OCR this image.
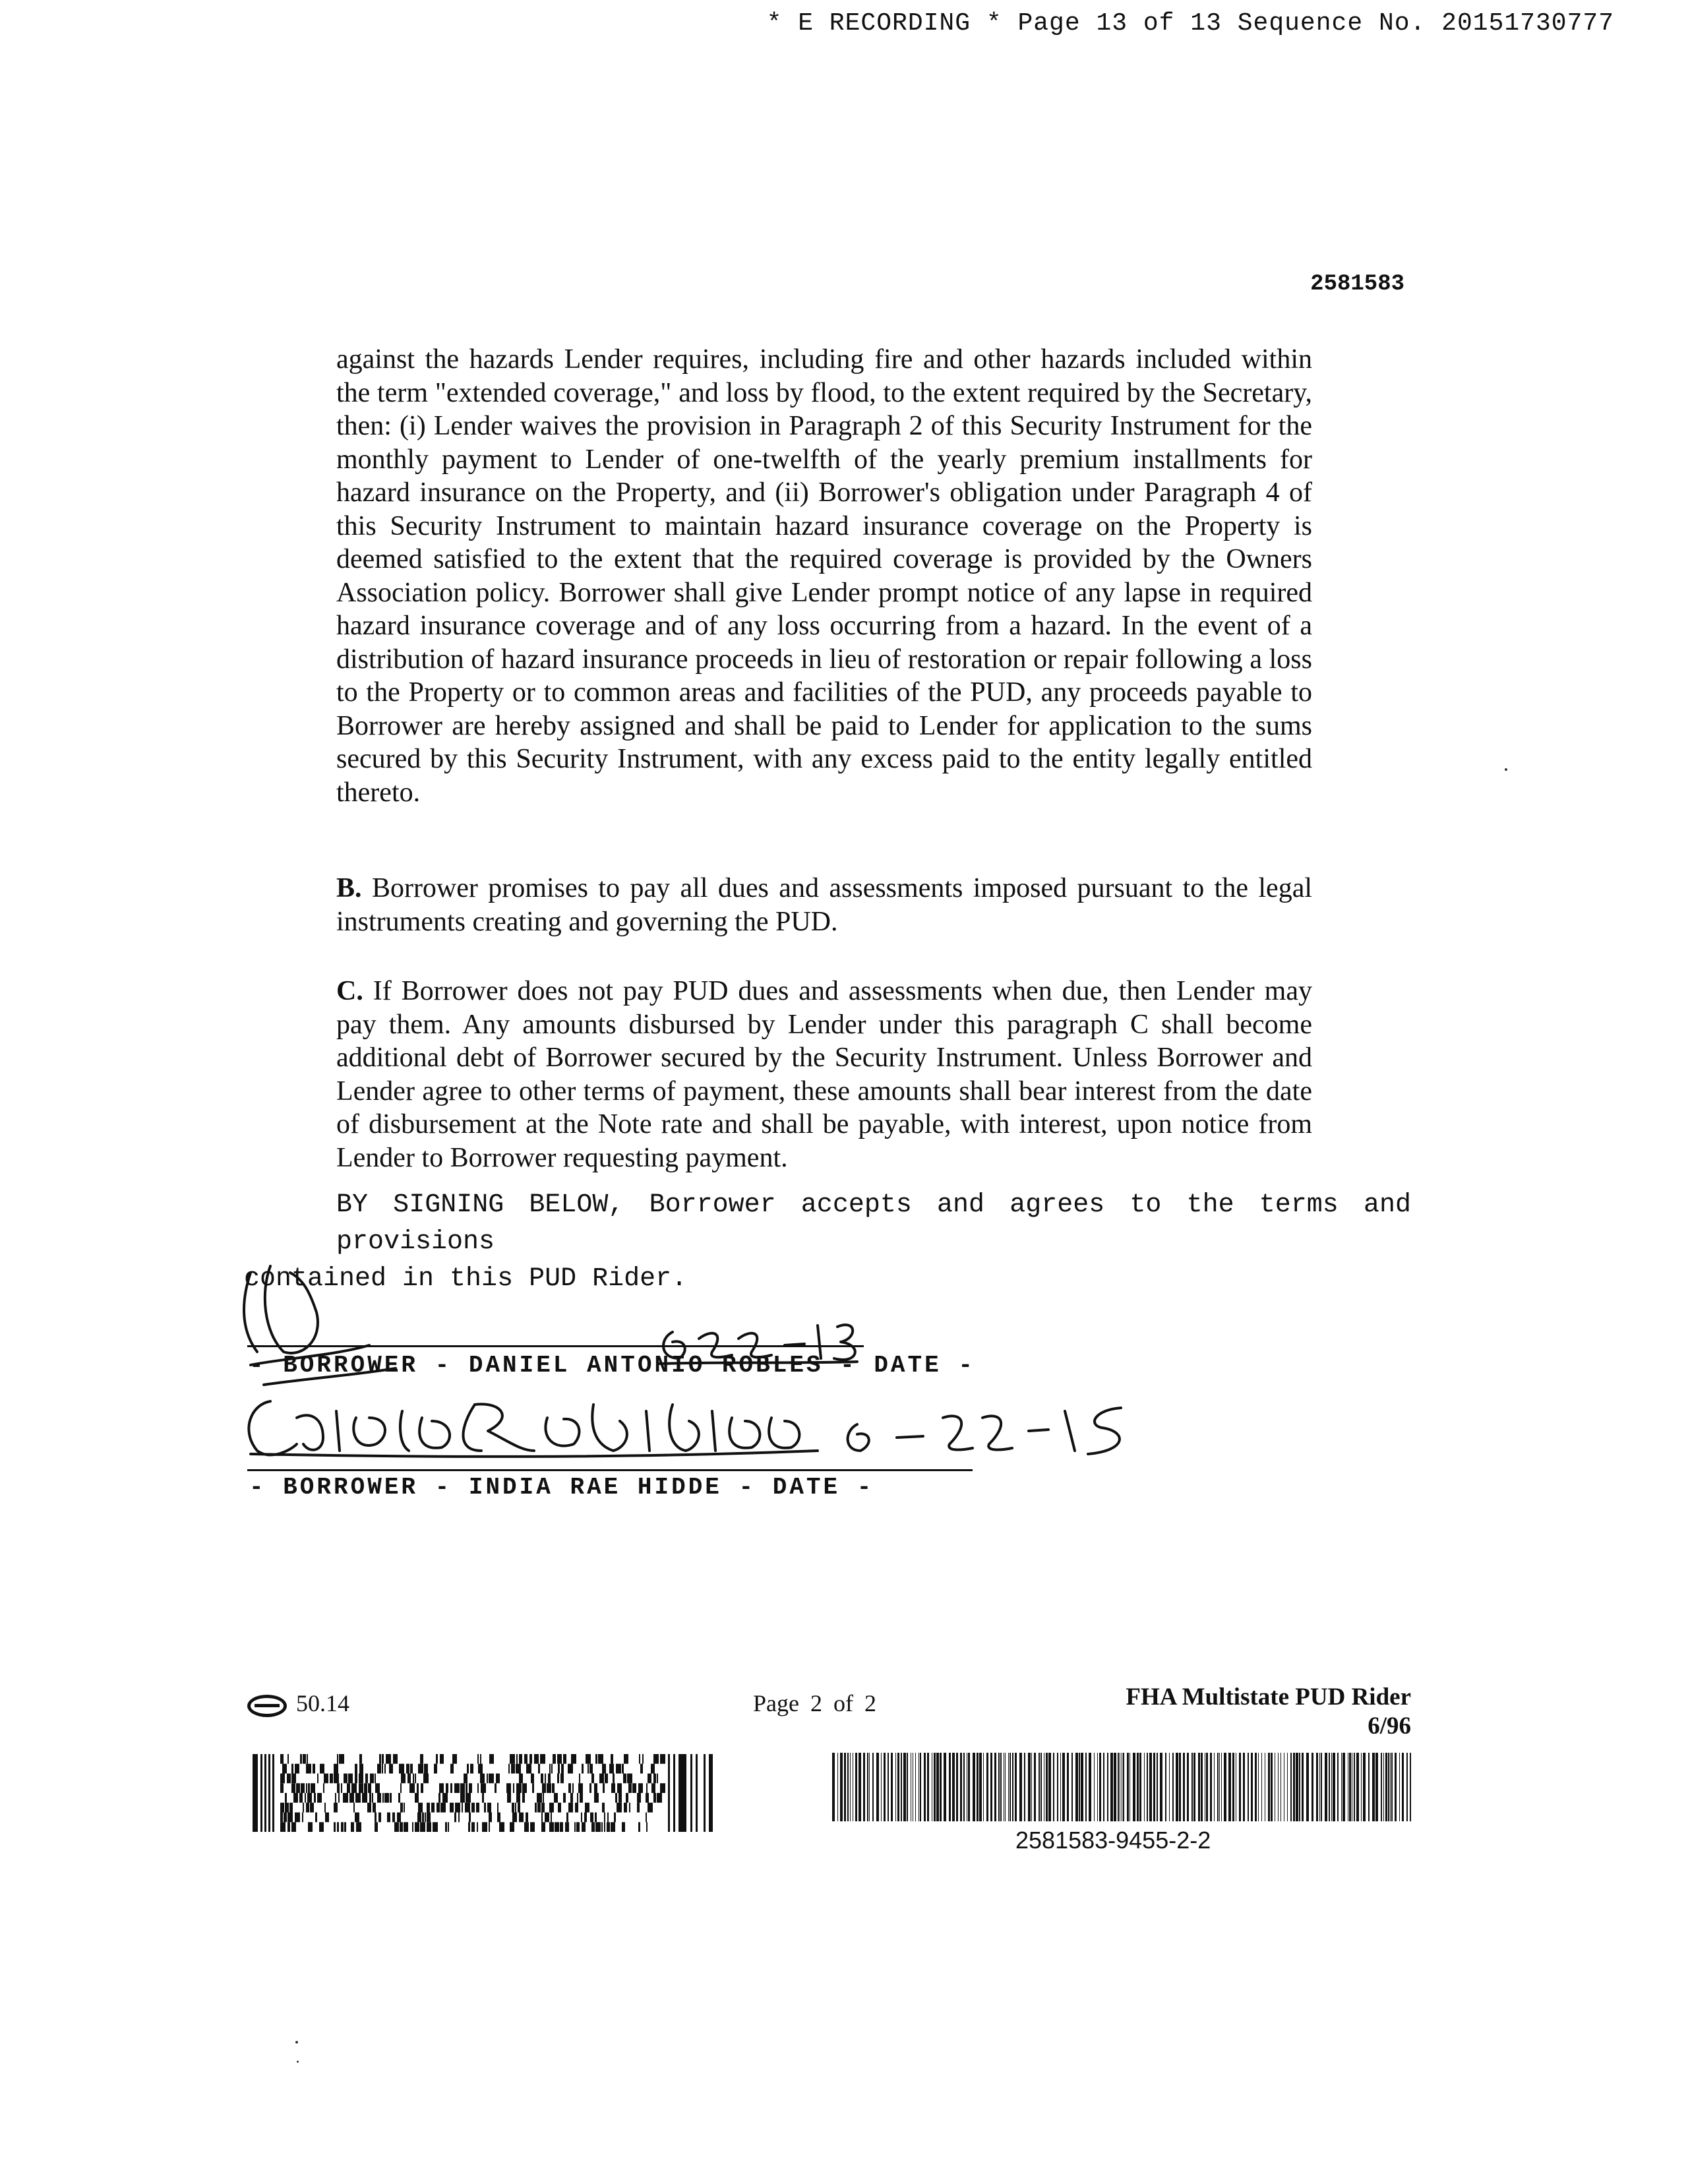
* E RECORDING * Page 13 of 13 Sequence No. 20151730777
2581583
against the hazards Lender requires, including fire and other hazards included within the term "extended coverage," and loss by flood, to the extent required by the Secretary, then: (i) Lender waives the provision in Paragraph 2 of this Security Instrument for the monthly payment to Lender of one-twelfth of the yearly premium installments for hazard insurance on the Property, and (ii) Borrower's obligation under Paragraph 4 of this Security Instrument to maintain hazard insurance coverage on the Property is deemed satisfied to the extent that the required coverage is provided by the Owners Association policy. Borrower shall give Lender prompt notice of any lapse in required hazard insurance coverage and of any loss occurring from a hazard. In the event of a distribution of hazard insurance proceeds in lieu of restoration or repair following a loss to the Property or to common areas and facilities of the PUD, any proceeds payable to Borrower are hereby assigned and shall be paid to Lender for application to the sums secured by this Security Instrument, with any excess paid to the entity legally entitled thereto.
B. Borrower promises to pay all dues and assessments imposed pursuant to the legal instruments creating and governing the PUD.
C. If Borrower does not pay PUD dues and assessments when due, then Lender may pay them. Any amounts disbursed by Lender under this paragraph C shall become additional debt of Borrower secured by the Security Instrument. Unless Borrower and Lender agree to other terms of payment, these amounts shall bear interest from the date of disbursement at the Note rate and shall be payable, with interest, upon notice from Lender to Borrower requesting payment.
BY SIGNING BELOW, Borrower accepts and agrees to the terms and provisions
contained in this PUD Rider.
- BORROWER - DANIEL ANTONIO ROBLES - DATE -
- BORROWER - INDIA RAE HIDDE - DATE -
50.14	Page 2 of 2	FHA Multistate PUD Rider
6/96
2581583-9455-2-2
